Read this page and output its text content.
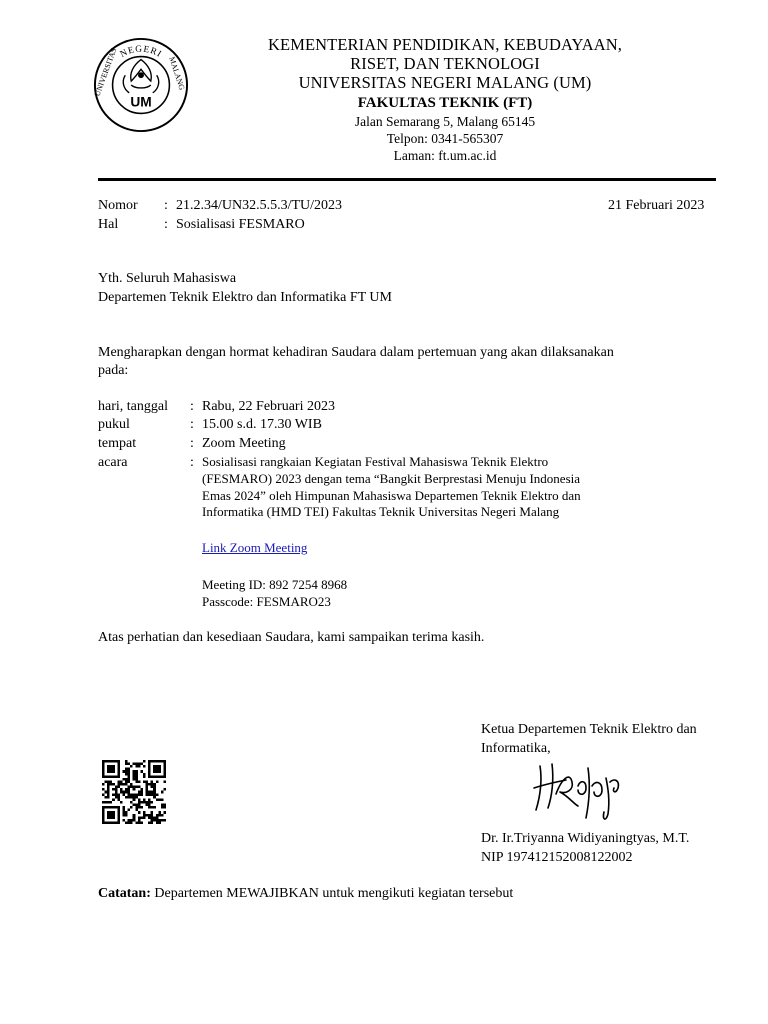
NEGERI
UNIVERSITAS	MALANG
UM
KEMENTERIAN PENDIDIKAN, KEBUDAYAAN,
RISET, DAN TEKNOLOGI
UNIVERSITAS NEGERI MALANG (UM)
FAKULTAS TEKNIK (FT)
Jalan Semarang 5, Malang 65145
Telpon: 0341-565307
Laman: ft.um.ac.id
Nomor : 21.2.34/UN32.5.5.3/TU/2023	21 Februari 2023
Hal	: Sosialisasi FESMARO
Yth. Seluruh Mahasiswa
Departemen Teknik Elektro dan Informatika FT UM
Mengharapkan dengan hormat kehadiran Saudara dalam pertemuan yang akan dilaksanakan
pada:
hari, tanggal : Rabu, 22 Februari 2023
pukul	: 15.00 s.d. 17.30 WIB
tempat	: Zoom Meeting
acara	: Sosialisasi rangkaian Kegiatan Festival Mahasiswa Teknik Elektro
(FESMARO) 2023 dengan tema “Bangkit Berprestasi Menuju Indonesia
Emas 2024” oleh Himpunan Mahasiswa Departemen Teknik Elektro dan
Informatika (HMD TEI) Fakultas Teknik Universitas Negeri Malang
Link Zoom Meeting
Meeting ID: 892 7254 8968
Passcode: FESMARO23
Atas perhatian dan kesediaan Saudara, kami sampaikan terima kasih.
Ketua Departemen Teknik Elektro dan
Informatika,
Dr. Ir.Triyanna Widiyaningtyas, M.T.
NIP 197412152008122002
Catatan: Departemen MEWAJIBKAN untuk mengikuti kegiatan tersebut
